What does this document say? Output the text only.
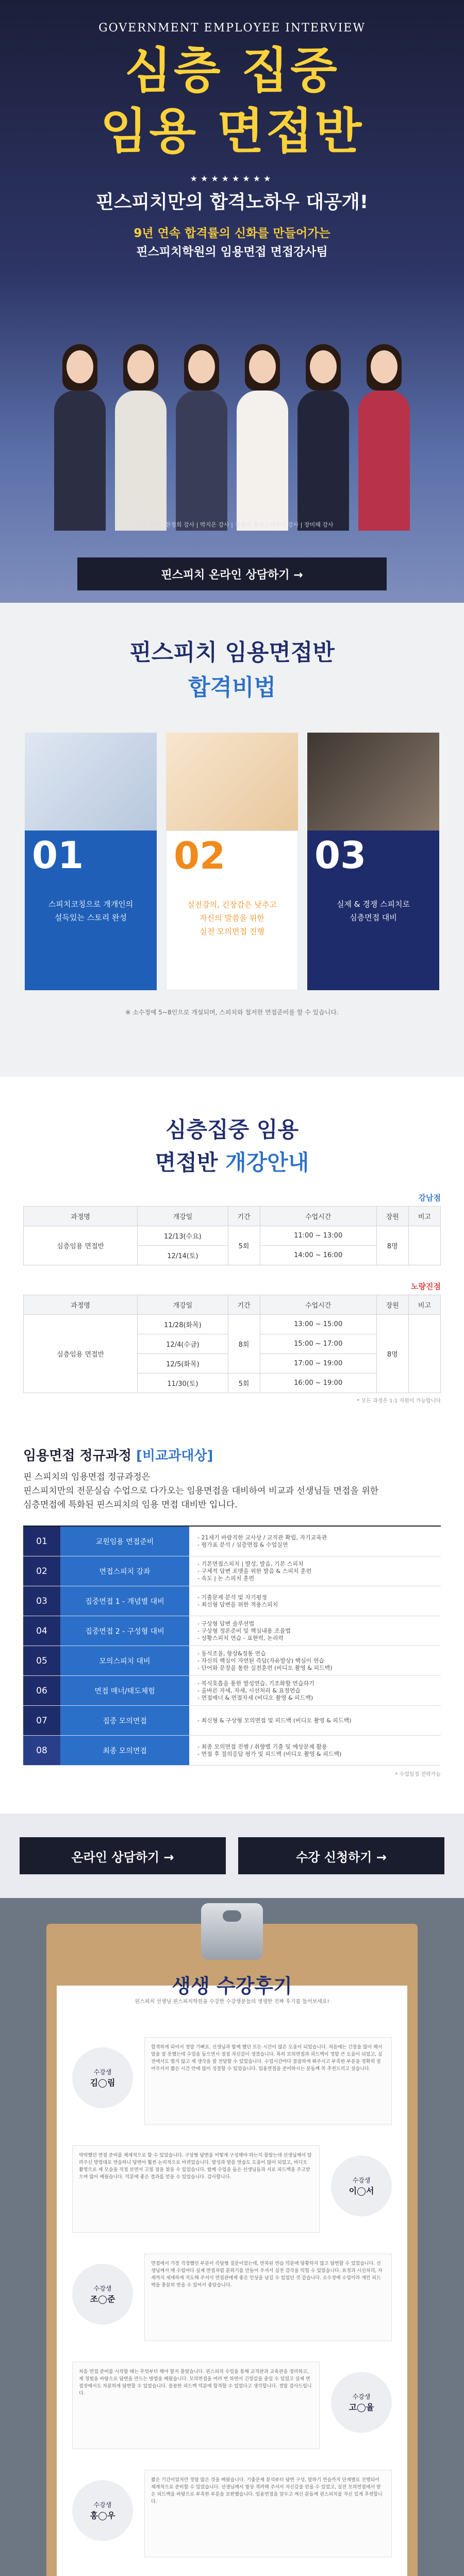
GOVERNMENT EMPLOYEE INTERVIEW
심층 집중
임용 면접반
★★★★★★★★
핀스피치만의 합격노하우 대공개!
9년 연속 합격률의 신화를 만들어가는
핀스피치학원의 임용면접 면접강사팀
이진희 강사 | 한정희 강사 | 박지은 강사 | 정경미 강사 | 서수미 강사 | 장미혜 강사
핀스피치 온라인 상담하기 →
핀스피치 임용면접반
합격비법
01
스피치코칭으로 개개인의
설득있는 스토리 완성
02
실전강의, 긴장감은 낮추고
자신의 말씀을 위한
실전 모의면접 진행
03
실제 & 경쟁 스피치로
심층면접 대비
※ 소수정예 5~8인으로 개설되며, 스피치와 철저한 면접준비를 할 수 있습니다.
심층집중 임용
면접반 개강안내
강남점
과정명	개강일	기간	수업시간	장원	비고
심층임용 면접반	12/13(수요)	5회	11:00 ~ 13:00	8명	
	12/14(토)		14:00 ~ 16:00		
노량진점
과정명	개강일	기간	수업시간	장원	비고
심층임용 면접반	11/28(화목)	8회	13:00 ~ 15:00	8명	
	12/4(수금)		15:00 ~ 17:00		
	12/5(화목)		17:00 ~ 19:00		
	11/30(토)	5회	16:00 ~ 19:00		
* 모든 과정은 1:1 지원이 가능합니다
임용면접 정규과정 [비교과대상]
핀 스피치의 임용면접 정규과정은
핀스피치만의 전문실습 수업으로 다가오는 임용면접을 대비하여 비교과 선생님들 면접을 위한
심층면접에 특화된 핀스피치의 임용 면접 대비반 입니다.
01	교원임용 면접준비
- 21세기 바람직한 교사상 / 교직관 확립, 자기교육관
- 평가표 분석 / 심층면접 & 수업실연
02	면접스피치 강좌
- 기본면접스피치 | 발성, 발음, 기본 스피치
- 구체적 답변 포맷을 위한 발음 & 스피치 훈련
- 속도 | 논 스피치 훈련
03	집중면접 1 - 개념별 대비
- 기출문제 분석 및 자기평정
- 최신형 답변을 위한 적용스피치
04	집중면접 2 - 구성형 대비
- 구상형 답변 솔루션법
- 구상형 정론준비 및 핵심내용 조율법
- 상황스피치 연습 - 표현력, 논리력
05	모의스피치 대비
- 동식조율, 항상&정통 연습
- 자신의 핵심이 자연된 즉답(자유발상) 핵심이 연습
- 단어와 문장을 통한 실전훈련 (비디오 촬영 & 피드백)
06	면접 매너/태도체험
- 복식호흡을 통한 발성연습, 기조화할 연습하기
- 올바른 자세, 자세, 시선처리 & 표정연습
- 면접매너 & 면접자세 (비디오 촬영 & 피드백)
07	집중 모의면접	- 최신형 & 구상형 모의면접 및 피드백 (비디오 촬영 & 피드백)
08	최종 모의면접
- 최종 모의면접 진행 / 취향별 기출 및 예상문제 활용
- 면접 후 질의응답 평가 및 피드백 (비디오 촬영 & 피드백)
* 수업일정 전략가능
온라인 상담하기 →	수강 신청하기 →
생생 수강후기
핀스피치 선생님 핀스피치학원을 수강한 수강생분들의 생생한 진짜 후기를 들어보세요!
수강생
김◯림
합격하게 되어서 정말 기뻐요. 선생님과 함께 했던 모든 시간이 많은 도움이 되었습니다. 처음에는 긴장을 많이 해서 말을 잘 못했는데 수업을 들으면서 점점 자신감이 생겼습니다. 특히 모의면접과 피드백이 정말 큰 도움이 되었고, 실전에서도 떨지 않고 제 생각을 잘 전달할 수 있었습니다. 수업시간마다 꼼꼼하게 봐주시고 부족한 부분을 정확히 짚어주셔서 짧은 시간 안에 많이 성장할 수 있었습니다. 임용면접을 준비하시는 분들께 꼭 추천드리고 싶습니다.
수강생
이◯서
막막했던 면접 준비를 체계적으로 할 수 있었습니다. 구상형 답변을 어떻게 구성해야 하는지 몰랐는데 선생님께서 알려주신 방법대로 연습하니 답변이 훨씬 논리적으로 바뀌었습니다. 발성과 발음 연습도 도움이 많이 되었고, 비디오 촬영으로 제 모습을 직접 보면서 고칠 점을 찾을 수 있었습니다. 함께 수업을 들은 선생님들과 서로 피드백을 주고받으며 많이 배웠습니다. 덕분에 좋은 결과를 얻을 수 있었습니다. 감사합니다.
수강생
조◯준
면접에서 가장 걱정했던 부분이 즉답형 질문이었는데, 반복된 연습 덕분에 당황하지 않고 답변할 수 있었습니다. 선생님께서 매 수업마다 실제 면접처럼 분위기를 만들어 주셔서 실전 감각을 익힐 수 있었습니다. 표정과 시선처리, 자세까지 세세하게 지도해 주셔서 면접관에게 좋은 인상을 남길 수 있었던 것 같습니다. 소수정예 수업이라 개인 피드백을 충분히 받을 수 있어서 좋았습니다.
수강생
고◯율
처음 면접 준비를 시작할 때는 무엇부터 해야 할지 몰랐습니다. 핀스피치 수업을 통해 교직관과 교육관을 정리하고, 제 경험을 바탕으로 답변을 만드는 방법을 배웠습니다. 모의면접을 여러 번 하면서 긴장감을 줄일 수 있었고 실제 면접장에서도 차분하게 답변할 수 있었습니다. 꼼꼼한 피드백 덕분에 합격할 수 있었다고 생각합니다. 정말 감사드립니다.
수강생
홍◯우
짧은 기간이었지만 정말 많은 것을 배웠습니다. 기출문제 분석부터 답변 구성, 말하기 연습까지 단계별로 진행되어 체계적으로 준비할 수 있었습니다. 선생님께서 항상 격려해 주셔서 자신감을 얻을 수 있었고, 실전 모의면접에서 받은 피드백을 바탕으로 부족한 부분을 보완했습니다. 임용면접을 앞두고 계신 분들께 핀스피치를 자신 있게 추천합니다.
